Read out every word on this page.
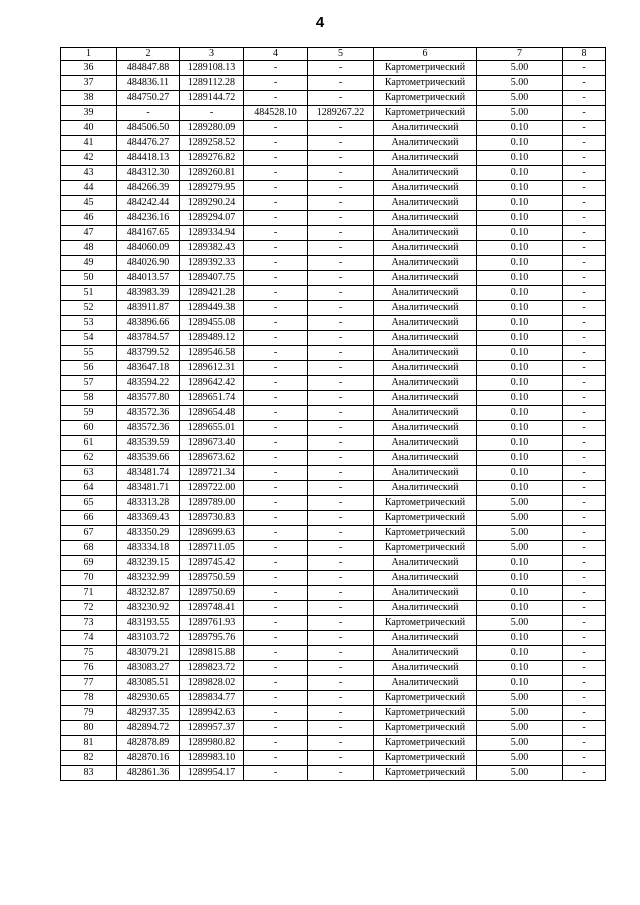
4
1	2	3	4	5	6	7	8
36	484847.88	1289108.13	-	-	Картометрический	5.00	-
37	484836.11	1289112.28	-	-	Картометрический	5.00	-
38	484750.27	1289144.72	-	-	Картометрический	5.00	-
39	-	-	484528.10	1289267.22	Картометрический	5.00	-
40	484506.50	1289280.09	-	-	Аналитический	0.10	-
41	484476.27	1289258.52	-	-	Аналитический	0.10	-
42	484418.13	1289276.82	-	-	Аналитический	0.10	-
43	484312.30	1289260.81	-	-	Аналитический	0.10	-
44	484266.39	1289279.95	-	-	Аналитический	0.10	-
45	484242.44	1289290.24	-	-	Аналитический	0.10	-
46	484236.16	1289294.07	-	-	Аналитический	0.10	-
47	484167.65	1289334.94	-	-	Аналитический	0.10	-
48	484060.09	1289382.43	-	-	Аналитический	0.10	-
49	484026.90	1289392.33	-	-	Аналитический	0.10	-
50	484013.57	1289407.75	-	-	Аналитический	0.10	-
51	483983.39	1289421.28	-	-	Аналитический	0.10	-
52	483911.87	1289449.38	-	-	Аналитический	0.10	-
53	483896.66	1289455.08	-	-	Аналитический	0.10	-
54	483784.57	1289489.12	-	-	Аналитический	0.10	-
55	483799.52	1289546.58	-	-	Аналитический	0.10	-
56	483647.18	1289612.31	-	-	Аналитический	0.10	-
57	483594.22	1289642.42	-	-	Аналитический	0.10	-
58	483577.80	1289651.74	-	-	Аналитический	0.10	-
59	483572.36	1289654.48	-	-	Аналитический	0.10	-
60	483572.36	1289655.01	-	-	Аналитический	0.10	-
61	483539.59	1289673.40	-	-	Аналитический	0.10	-
62	483539.66	1289673.62	-	-	Аналитический	0.10	-
63	483481.74	1289721.34	-	-	Аналитический	0.10	-
64	483481.71	1289722.00	-	-	Аналитический	0.10	-
65	483313.28	1289789.00	-	-	Картометрический	5.00	-
66	483369.43	1289730.83	-	-	Картометрический	5.00	-
67	483350.29	1289699.63	-	-	Картометрический	5.00	-
68	483334.18	1289711.05	-	-	Картометрический	5.00	-
69	483239.15	1289745.42	-	-	Аналитический	0.10	-
70	483232.99	1289750.59	-	-	Аналитический	0.10	-
71	483232.87	1289750.69	-	-	Аналитический	0.10	-
72	483230.92	1289748.41	-	-	Аналитический	0.10	-
73	483193.55	1289761.93	-	-	Картометрический	5.00	-
74	483103.72	1289795.76	-	-	Аналитический	0.10	-
75	483079.21	1289815.88	-	-	Аналитический	0.10	-
76	483083.27	1289823.72	-	-	Аналитический	0.10	-
77	483085.51	1289828.02	-	-	Аналитический	0.10	-
78	482930.65	1289834.77	-	-	Картометрический	5.00	-
79	482937.35	1289942.63	-	-	Картометрический	5.00	-
80	482894.72	1289957.37	-	-	Картометрический	5.00	-
81	482878.89	1289980.82	-	-	Картометрический	5.00	-
82	482870.16	1289983.10	-	-	Картометрический	5.00	-
83	482861.36	1289954.17	-	-	Картометрический	5.00	-
